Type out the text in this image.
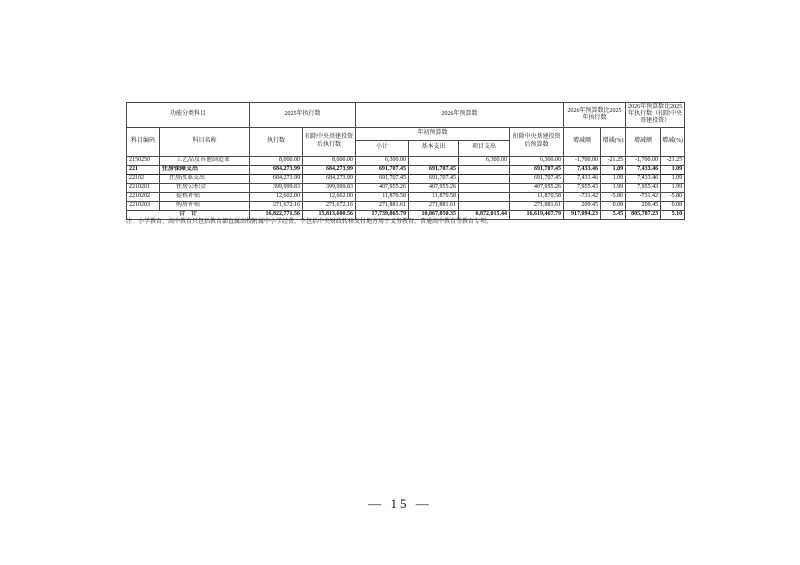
功能分类科目		2025年执行数		2026年预算数				2026年预算数比2025年执行数		2026年预算数比2025年执行数（扣除中央基建投资）	
科目编码	科目名称	执行数	扣除中央基建投资后执行数	年初预算数			扣除中央基建投资后预算数	增减额	增减(%)	增减额	增减(%)
				小计	基本支出	项目支出					
2150250	工艺品及其他制造业	8,000.00	8,000.00	6,300.00		6,300.00	6,300.00	-1,700.00	-21.25	-1,700.00	-21.25
221	住房保障支出	684,273.99	684,273.99	691,707.45	691,707.45		691,707.45	7,433.46	1.09	7,433.46	1.09
22102	住房改革支出	684,273.99	684,273.99	691,707.45	691,707.45		691,707.45	7,433.46	1.09	7,433.46	1.09
2210201	住房公积金	399,999.83	399,999.83	407,955.26	407,955.26		407,955.26	7,955.43	1.99	7,955.43	1.99
2210202	提租补贴	12,602.00	12,602.00	11,870.58	11,870.58		11,870.58	-731.42	-5.80	-731.42	-5.80
2210203	购房补贴	271,672.16	271,672.16	271,881.61	271,881.61		271,881.61	209.45	0.08	209.45	0.08
合　计		16,822,771.56	15,813,680.56	17,739,865.79	10,867,850.35	6,872,015.44	16,619,467.79	917,094.23	5.45	805,787.23	5.10
注：小学教育、高中教育只包括教育部直属高校附属中小学经费，不包括中央财政转移支付地方用于义务教育、普通高中教育等教育专项。
— 15 —
